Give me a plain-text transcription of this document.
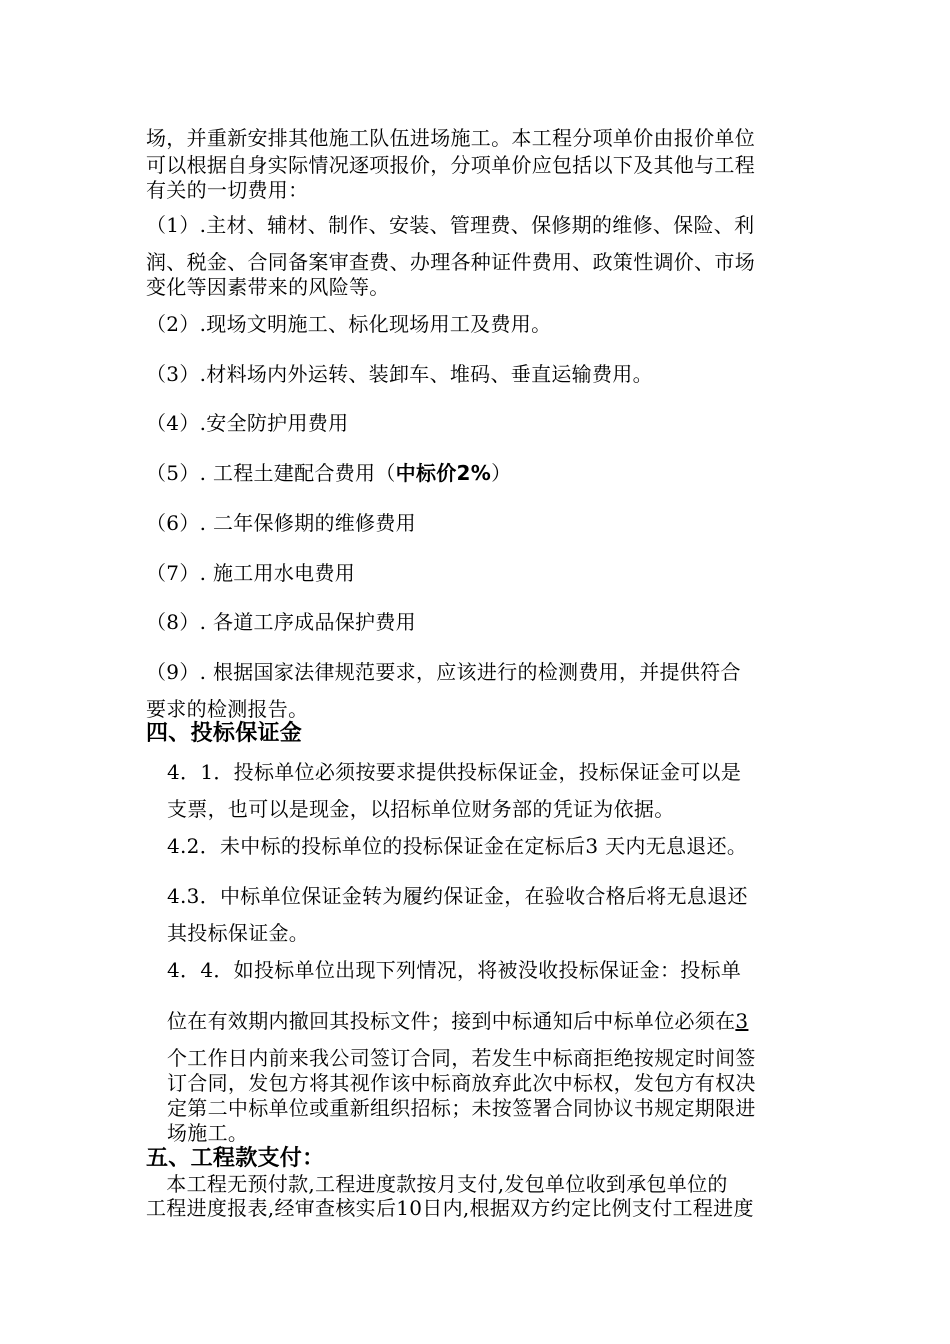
场，并重新安排其他施工队伍进场施工。本工程分项单价由报价单位

可以根据自身实际情况逐项报价，分项单价应包括以下及其他与工程

有关的一切费用：

（1）.主材、辅材、制作、安装、管理费、保修期的维修、保险、利

润、税金、合同备案审查费、办理各种证件费用、政策性调价、市场

变化等因素带来的风险等。

（2）.现场文明施工、标化现场用工及费用。

（3）.材料场内外运转、装卸车、堆码、垂直运输费用。

（4）.安全防护用费用

（5）. 工程土建配合费用（中标价2%）

（6）. 二年保修期的维修费用

（7）. 施工用水电费用

（8）. 各道工序成品保护费用

（9）. 根据国家法律规范要求，应该进行的检测费用，并提供符合

要求的检测报告。

四、投标保证金

4．1．投标单位必须按要求提供投标保证金，投标保证金可以是

支票，也可以是现金，以招标单位财务部的凭证为依据。

4.2．未中标的投标单位的投标保证金在定标后3 天内无息退还。

4.3．中标单位保证金转为履约保证金，在验收合格后将无息退还

其投标保证金。

4．4．如投标单位出现下列情况，将被没收投标保证金：投标单

位在有效期内撤回其投标文件；接到中标通知后中标单位必须在3

个工作日内前来我公司签订合同，若发生中标商拒绝按规定时间签

订合同，发包方将其视作该中标商放弃此次中标权，发包方有权决

定第二中标单位或重新组织招标；未按签署合同协议书规定期限进

场施工。

五、工程款支付：

　本工程无预付款,工程进度款按月支付,发包单位收到承包单位的

工程进度报表,经审查核实后10日内,根据双方约定比例支付工程进度
